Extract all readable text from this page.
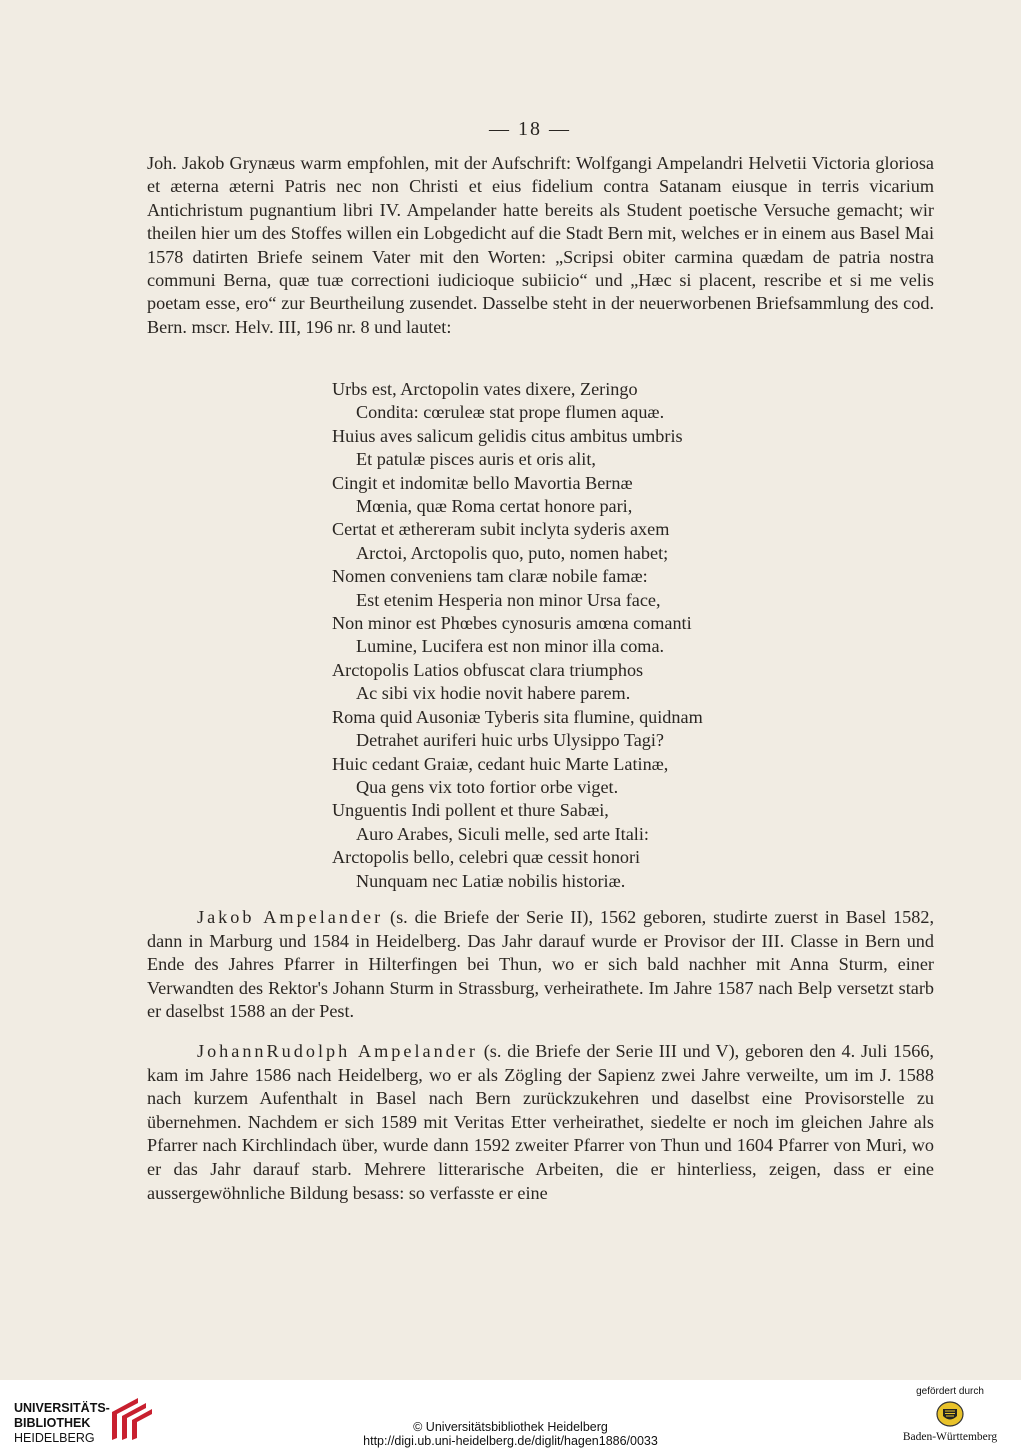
— 18 —

Joh. Jakob Grynæus warm empfohlen, mit der Aufschrift: Wolfgangi Ampelandri Helvetii Victoria gloriosa et æterna æterni Patris nec non Christi et eius fidelium contra Satanam eiusque in terris vicarium Antichristum pugnantium libri IV. Ampelander hatte bereits als Student poetische Versuche gemacht; wir theilen hier um des Stoffes willen ein Lobgedicht auf die Stadt Bern mit, welches er in einem aus Basel Mai 1578 datirten Briefe seinem Vater mit den Worten: „Scripsi obiter carmina quædam de patria nostra communi Berna, quæ tuæ correctioni iudicioque subiicio“ und „Hæc si placent, rescribe et si me velis poetam esse, ero“ zur Beurtheilung zusendet. Dasselbe steht in der neuerworbenen Briefsammlung des cod. Bern. mscr. Helv. III, 196 nr. 8 und lautet:

Urbs est, Arctopolin vates dixere, Zeringo
Condita: cœruleæ stat prope flumen aquæ.
Huius aves salicum gelidis citus ambitus umbris
Et patulæ pisces auris et oris alit,
Cingit et indomitæ bello Mavortia Bernæ
Mœnia, quæ Roma certat honore pari,
Certat et æthereram subit inclyta syderis axem
Arctoi, Arctopolis quo, puto, nomen habet;
Nomen conveniens tam claræ nobile famæ:
Est etenim Hesperia non minor Ursa face,
Non minor est Phœbes cynosuris amœna comanti
Lumine, Lucifera est non minor illa coma.
Arctopolis Latios obfuscat clara triumphos
Ac sibi vix hodie novit habere parem.
Roma quid Ausoniæ Tyberis sita flumine, quidnam
Detrahet auriferi huic urbs Ulysippo Tagi?
Huic cedant Graiæ, cedant huic Marte Latinæ,
Qua gens vix toto fortior orbe viget.
Unguentis Indi pollent et thure Sabæi,
Auro Arabes, Siculi melle, sed arte Itali:
Arctopolis bello, celebri quæ cessit honori
Nunquam nec Latiæ nobilis historiæ.

Jakob Ampelander (s. die Briefe der Serie II), 1562 geboren, studirte zuerst in Basel 1582, dann in Marburg und 1584 in Heidelberg. Das Jahr darauf wurde er Provisor der III. Classe in Bern und Ende des Jahres Pfarrer in Hilterfingen bei Thun, wo er sich bald nachher mit Anna Sturm, einer Verwandten des Rektor's Johann Sturm in Strassburg, verheirathete. Im Jahre 1587 nach Belp versetzt starb er daselbst 1588 an der Pest.

JohannRudolph Ampelander (s. die Briefe der Serie III und V), geboren den 4. Juli 1566, kam im Jahre 1586 nach Heidelberg, wo er als Zögling der Sapienz zwei Jahre verweilte, um im J. 1588 nach kurzem Aufenthalt in Basel nach Bern zurückzukehren und daselbst eine Provisorstelle zu übernehmen. Nachdem er sich 1589 mit Veritas Etter verheirathet, siedelte er noch im gleichen Jahre als Pfarrer nach Kirchlindach über, wurde dann 1592 zweiter Pfarrer von Thun und 1604 Pfarrer von Muri, wo er das Jahr darauf starb. Mehrere litterarische Arbeiten, die er hinterliess, zeigen, dass er eine aussergewöhnliche Bildung besass: so verfasste er eine

UNIVERSITÄTS-
BIBLIOTHEK
HEIDELBERG
© Universitätsbibliothek Heidelberg
http://digi.ub.uni-heidelberg.de/diglit/hagen1886/0033
gefördert durch
Baden-Württemberg
